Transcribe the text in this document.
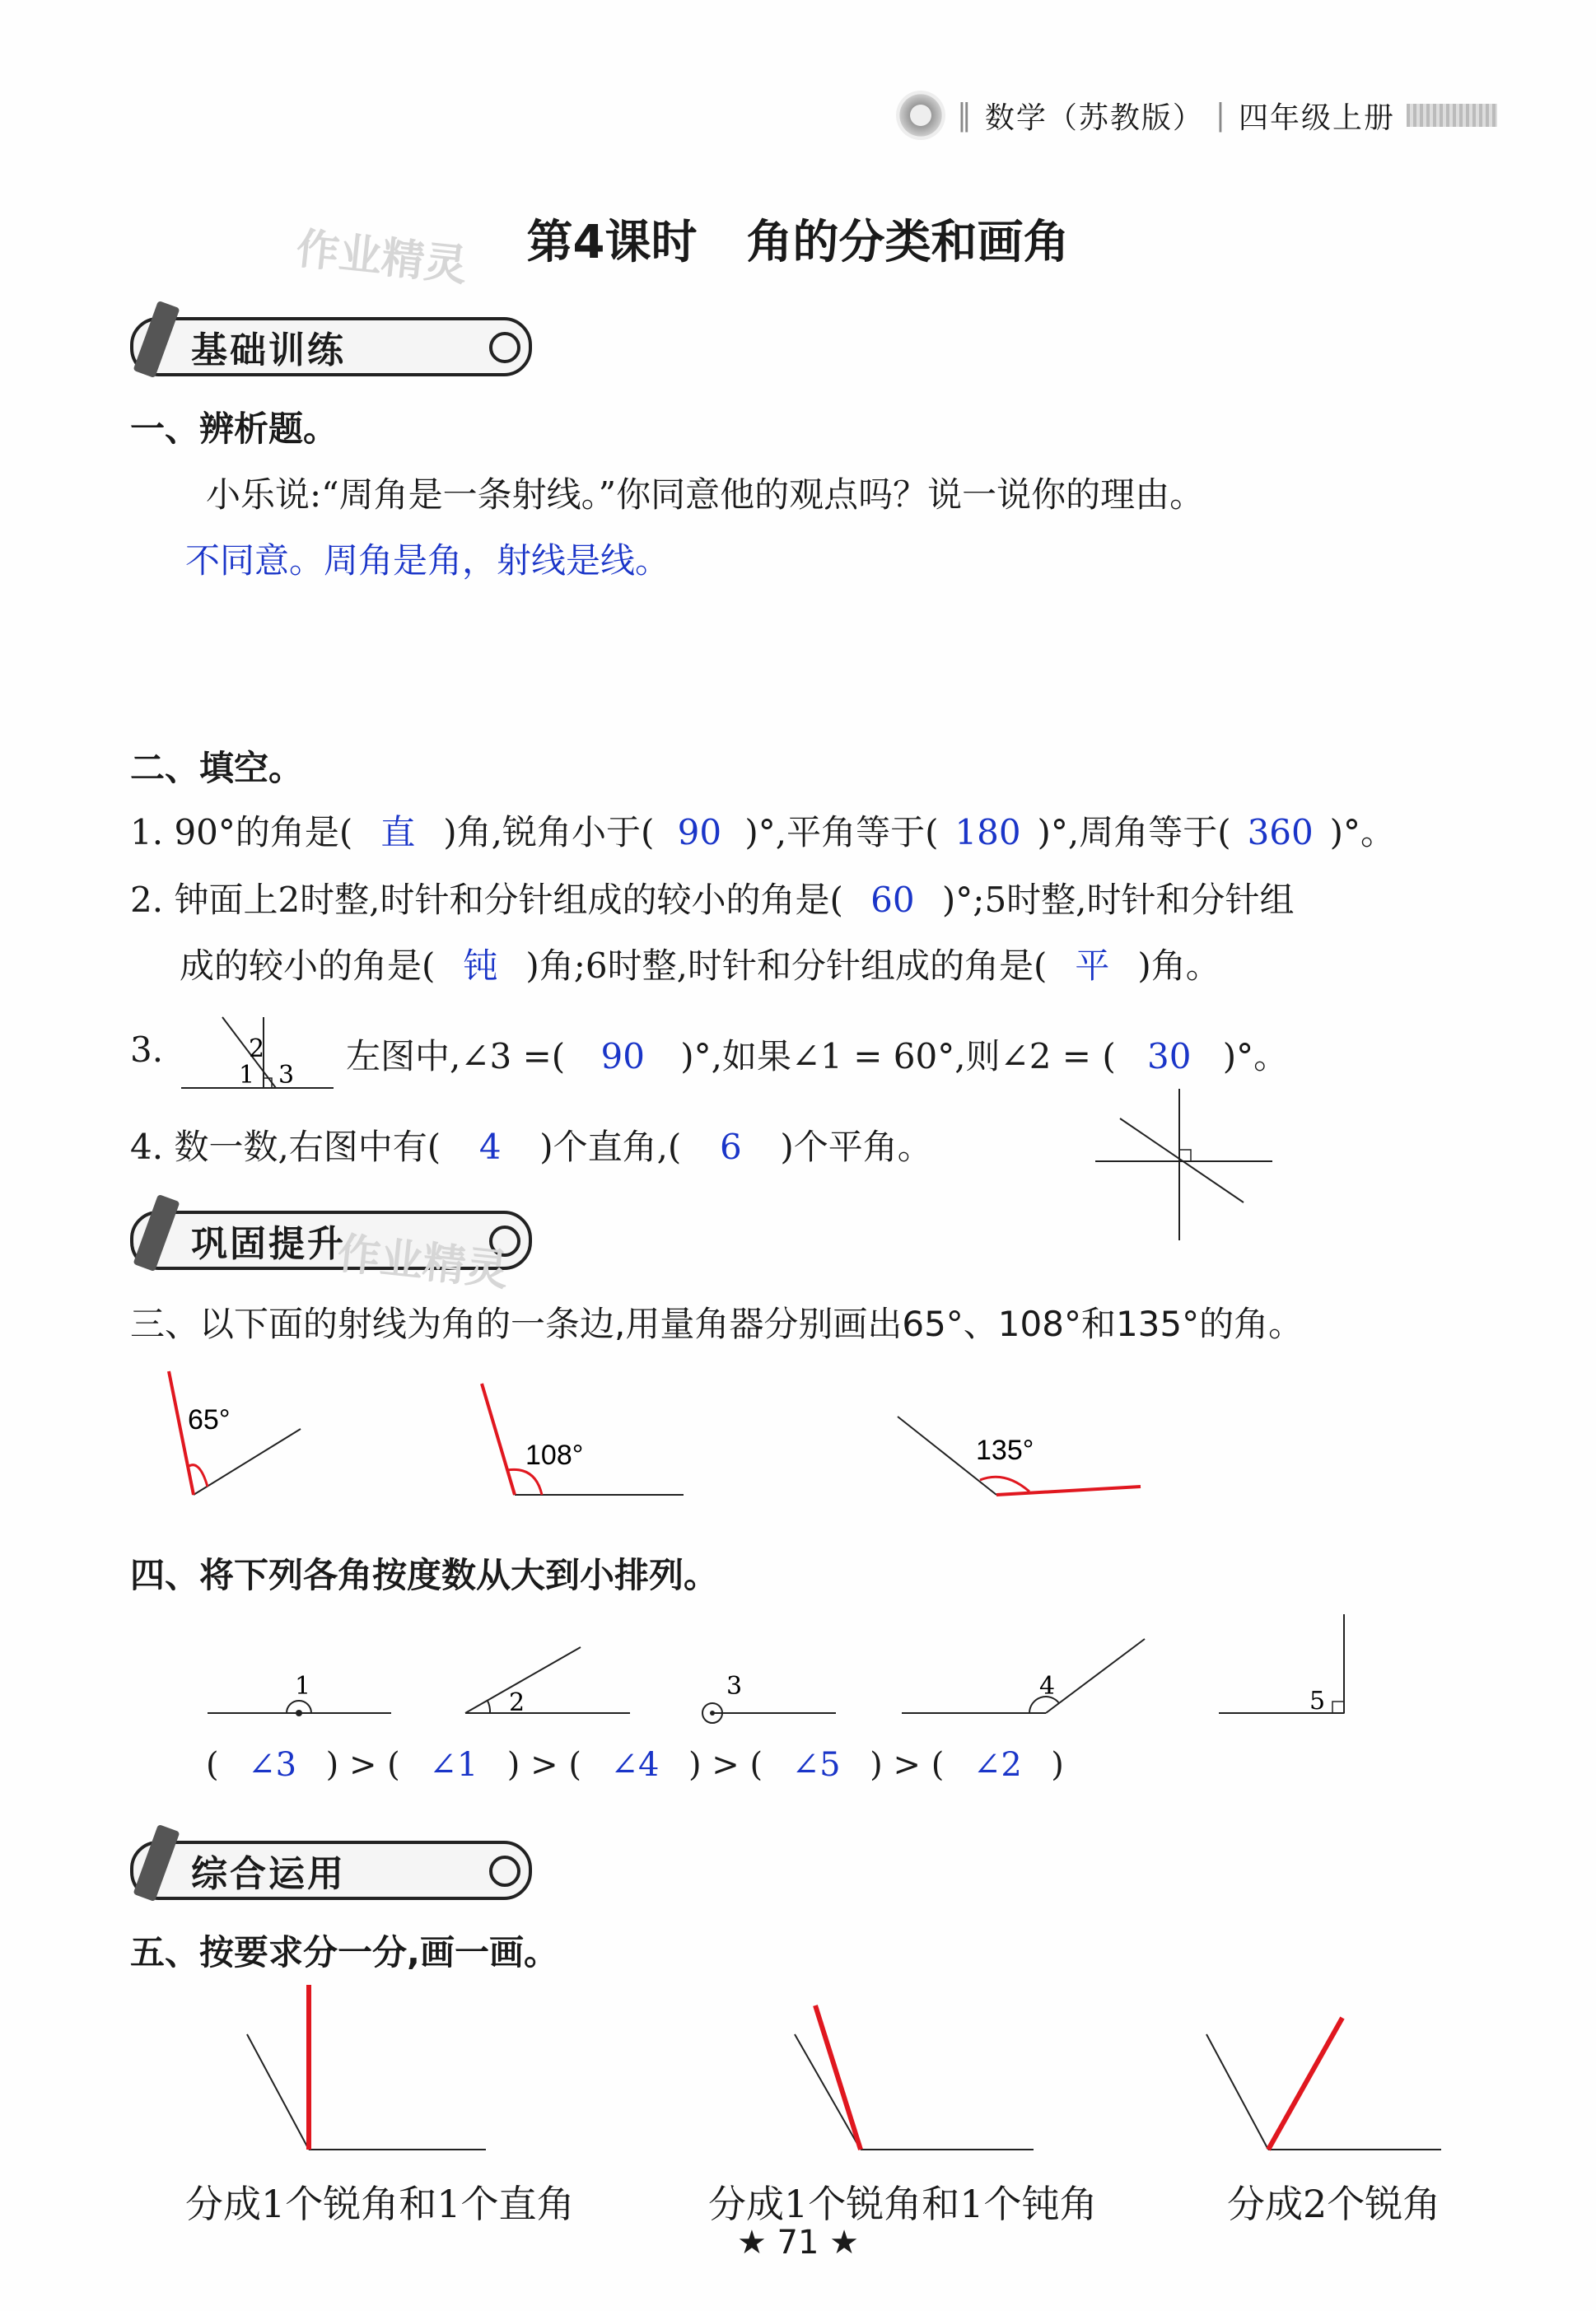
‖ 数学（苏教版） | 四年级上册
作业精灵	第4课时 角的分类和画角
基础训练
一、辨析题。
小乐说:“周角是一条射线。”你同意他的观点吗？说一说你的理由。
不同意。周角是角，射线是线。
二、填空。
1. 90°的角是( 直 )角,锐角小于( 90 )°,平角等于( 180 )°,周角等于( 360 )°。
2. 钟面上2时整,时针和分针组成的较小的角是( 60 )°;5时整,时针和分针组
成的较小的角是( 钝 )角;6时整,时针和分针组成的角是( 平 )角。
3.
1
2
3 左图中,∠3 =( 90 )°,如果∠1 = 60°,则∠2 = ( 30 )°。
4. 数一数,右图中有( 4 )个直角,( 6 )个平角。
巩固提升
作业精灵
三、以下面的射线为角的一条边,用量角器分别画出65°、108°和135°的角。
65°
108°	135°
四、将下列各角按度数从大到小排列。
1
2
3	4
5
( ∠3 ) > ( ∠1 ) > ( ∠4 ) > ( ∠5 ) > ( ∠2 )
综合运用
五、按要求分一分,画一画。
分成1个锐角和1个直角	分成1个锐角和1个钝角	分成2个锐角
★ 71 ★
